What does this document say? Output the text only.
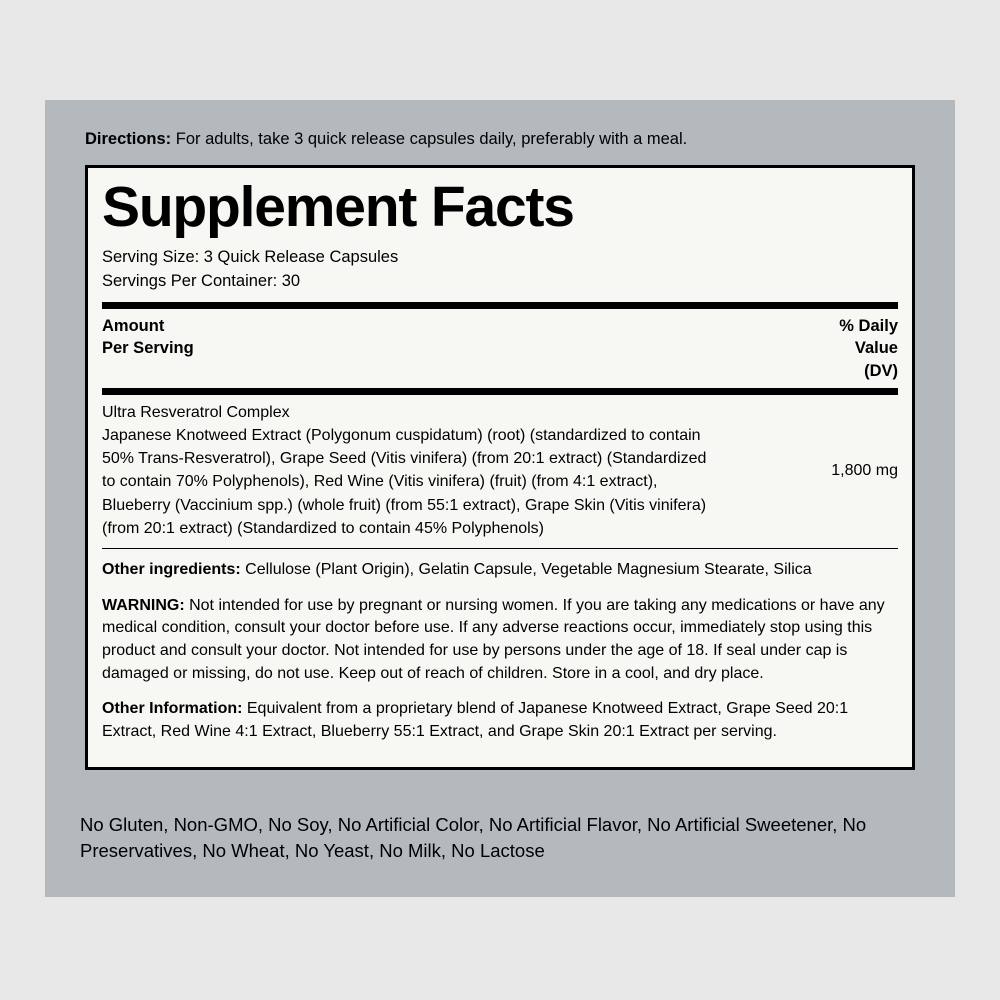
Directions: For adults, take 3 quick release capsules daily, preferably with a meal.
Supplement Facts
Serving Size: 3 Quick Release Capsules
Servings Per Container: 30
Amount
Per Serving
% Daily
Value
(DV)
Ultra Resveratrol Complex
Japanese Knotweed Extract (Polygonum cuspidatum) (root) (standardized to contain 50% Trans-Resveratrol), Grape Seed (Vitis vinifera) (from 20:1 extract) (Standardized to contain 70% Polyphenols), Red Wine (Vitis vinifera) (fruit) (from 4:1 extract), Blueberry (Vaccinium spp.) (whole fruit) (from 55:1 extract), Grape Skin (Vitis vinifera) (from 20:1 extract) (Standardized to contain 45% Polyphenols)
1,800 mg

Other ingredients: Cellulose (Plant Origin), Gelatin Capsule, Vegetable Magnesium Stearate, Silica

WARNING: Not intended for use by pregnant or nursing women. If you are taking any medications or have any medical condition, consult your doctor before use. If any adverse reactions occur, immediately stop using this product and consult your doctor. Not intended for use by persons under the age of 18. If seal under cap is damaged or missing, do not use. Keep out of reach of children. Store in a cool, and dry place.

Other Information: Equivalent from a proprietary blend of Japanese Knotweed Extract, Grape Seed 20:1 Extract, Red Wine 4:1 Extract, Blueberry 55:1 Extract, and Grape Skin 20:1 Extract per serving.

No Gluten, Non-GMO, No Soy, No Artificial Color, No Artificial Flavor, No Artificial Sweetener, No Preservatives, No Wheat, No Yeast, No Milk, No Lactose
